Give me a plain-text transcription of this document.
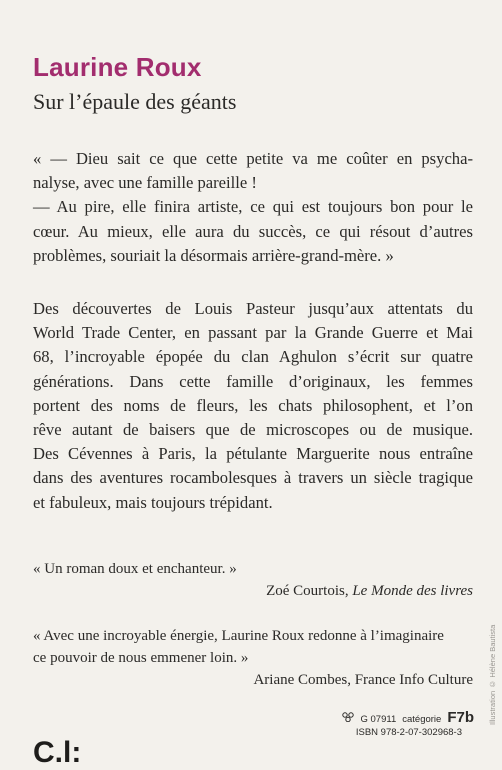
Laurine Roux
Sur l’épaule des géants
« — Dieu sait ce que cette petite va me coûter en psycha-
nalyse, avec une famille pareille !
— Au pire, elle finira artiste, ce qui est toujours bon pour le
cœur. Au mieux, elle aura du succès, ce qui résout d’autres
problèmes, souriait la désormais arrière-grand-mère. »
Des découvertes de Louis Pasteur jusqu’aux attentats du
World Trade Center, en passant par la Grande Guerre et Mai
68, l’incroyable épopée du clan Aghulon s’écrit sur quatre
générations. Dans cette famille d’originaux, les femmes
portent des noms de fleurs, les chats philosophent, et l’on
rêve autant de baisers que de microscopes ou de musique.
Des Cévennes à Paris, la pétulante Marguerite nous entraîne
dans des aventures rocambolesques à travers un siècle tragique
et fabuleux, mais toujours trépidant.
« Un roman doux et enchanteur. »
Zoé Courtois, Le Monde des livres
« Avec une incroyable énergie, Laurine Roux redonne à l’imaginaire
ce pouvoir de nous emmener loin. »
Ariane Combes, France Info Culture
G 07911 catégorie F7b
ISBN 978-2-07-302968-3
Illustration © Hélène Bautista
C.l:
